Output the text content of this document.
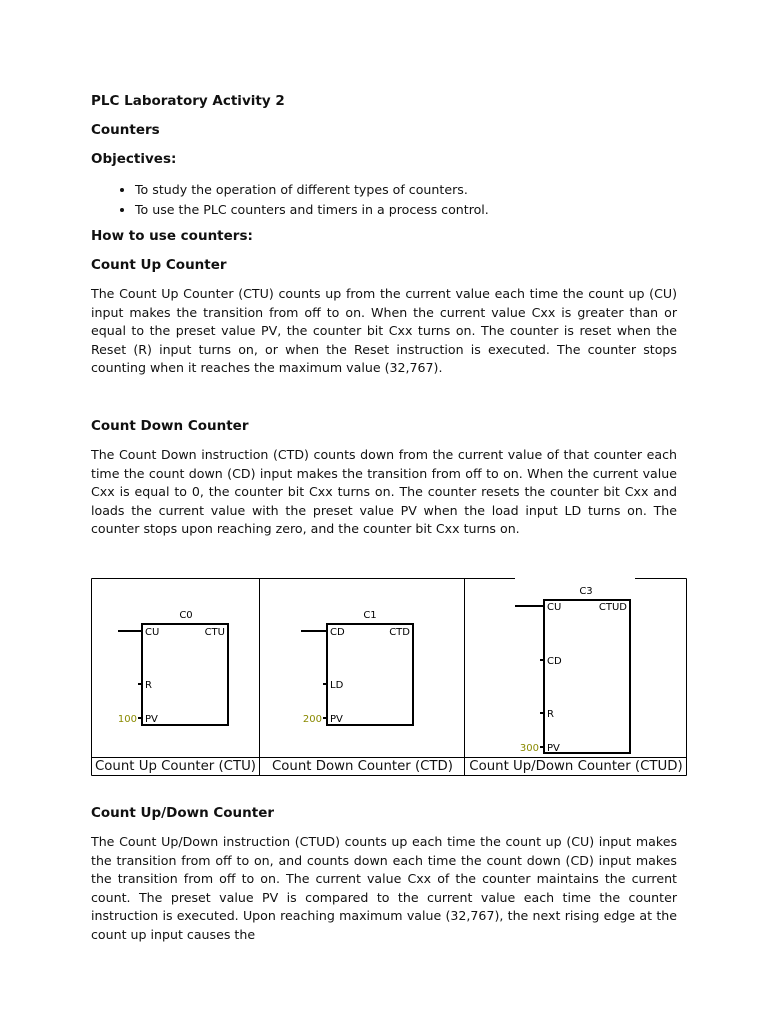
PLC Laboratory Activity 2
Counters
Objectives:
• To study the operation of different types of counters.
• To use the PLC counters and timers in a process control.
How to use counters:
Count Up Counter

The Count Up Counter (CTU) counts up from the current value each time the count up (CU) input makes the transition from off to on. When the current value Cxx is greater than or equal to the preset value PV, the counter bit Cxx turns on. The counter is reset when the Reset (R) input turns on, or when the Reset instruction is executed. The counter stops counting when it reaches the maximum value (32,767).

Count Down Counter

The Count Down instruction (CTD) counts down from the current value of that counter each time the count down (CD) input makes the transition from off to on. When the current value Cxx is equal to 0, the counter bit Cxx turns on. The counter resets the counter bit Cxx and loads the current value with the preset value PV when the load input LD turns on. The counter stops upon reaching zero, and the counter bit Cxx turns on.

C0
CU	CTU
R
PV
100
C1
CD	CTD
LD
PV
200
C3
CU	CTUD
CD
R
PV
300
Count Up Counter (CTU)	Count Down Counter (CTD)	Count Up/Down Counter (CTUD)
Count Up/Down Counter

The Count Up/Down instruction (CTUD) counts up each time the count up (CU) input makes the transition from off to on, and counts down each time the count down (CD) input makes the transition from off to on. The current value Cxx of the counter maintains the current count. The preset value PV is compared to the current value each time the counter instruction is executed. Upon reaching maximum value (32,767), the next rising edge at the count up input causes the
